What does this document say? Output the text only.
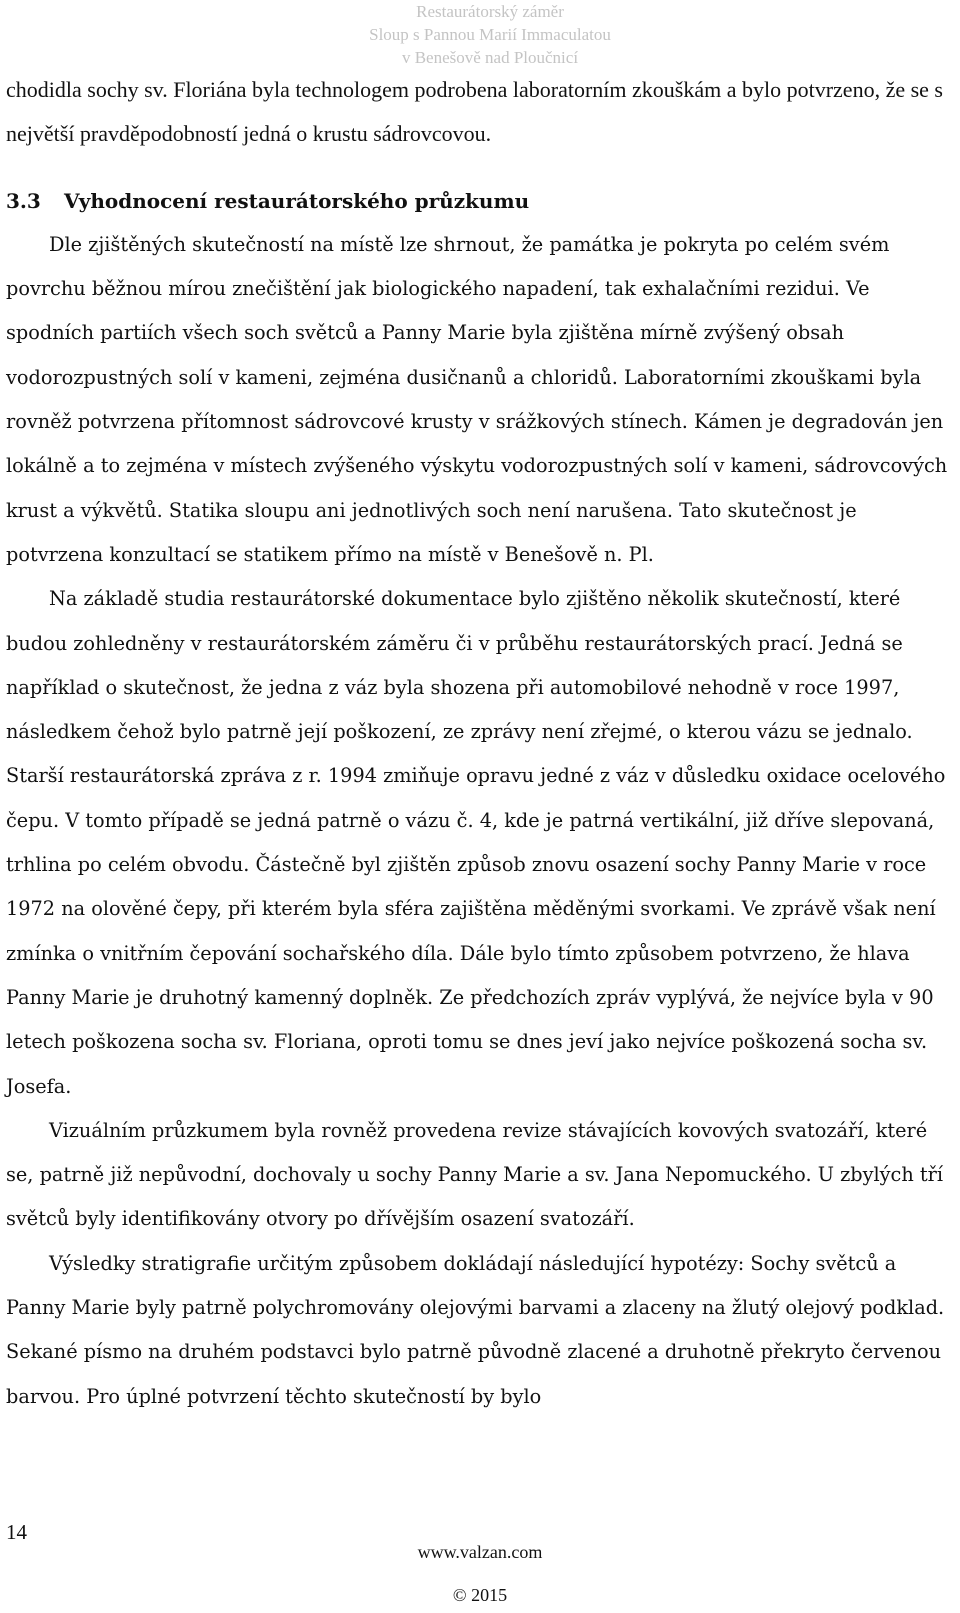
Restaurátorský záměr
Sloup s Pannou Marií Immaculatou
v Benešově nad Ploučnicí

chodidla sochy sv. Floriána byla technologem podrobena laboratorním zkouškám a bylo potvrzeno, že se s největší pravděpodobností jedná o krustu sádrovcovou.

3.3 Vyhodnocení restaurátorského průzkumu

Dle zjištěných skutečností na místě lze shrnout, že památka je pokryta po celém svém povrchu běžnou mírou znečištění jak biologického napadení, tak exhalačními rezidui. Ve spodních partiích všech soch světců a Panny Marie byla zjištěna mírně zvýšený obsah vodorozpustných solí v kameni, zejména dusičnanů a chloridů. Laboratorními zkouškami byla rovněž potvrzena přítomnost sádrovcové krusty v srážkových stínech. Kámen je degradován jen lokálně a to zejména v místech zvýšeného výskytu vodorozpustných solí v kameni, sádrovcových krust a výkvětů. Statika sloupu ani jednotlivých soch není narušena. Tato skutečnost je potvrzena konzultací se statikem přímo na místě v Benešově n. Pl.

Na základě studia restaurátorské dokumentace bylo zjištěno několik skutečností, které budou zohledněny v restaurátorském záměru či v průběhu restaurátorských prací. Jedná se například o skutečnost, že jedna z váz byla shozena při automobilové nehodně v roce 1997, následkem čehož bylo patrně její poškození, ze zprávy není zřejmé, o kterou vázu se jednalo. Starší restaurátorská zpráva z r. 1994 zmiňuje opravu jedné z váz v důsledku oxidace ocelového čepu. V tomto případě se jedná patrně o vázu č. 4, kde je patrná vertikální, již dříve slepovaná, trhlina po celém obvodu. Částečně byl zjištěn způsob znovu osazení sochy Panny Marie v roce 1972 na olověné čepy, při kterém byla sféra zajištěna měděnými svorkami. Ve zprávě však není zmínka o vnitřním čepování sochařského díla. Dále bylo tímto způsobem potvrzeno, že hlava Panny Marie je druhotný kamenný doplněk. Ze předchozích zpráv vyplývá, že nejvíce byla v 90 letech poškozena socha sv. Floriana, oproti tomu se dnes jeví jako nejvíce poškozená socha sv. Josefa.

Vizuálním průzkumem byla rovněž provedena revize stávajících kovových svatozáří, které se, patrně již nepůvodní, dochovaly u sochy Panny Marie a sv. Jana Nepomuckého. U zbylých tří světců byly identifikovány otvory po dřívějším osazení svatozáří.

Výsledky stratigrafie určitým způsobem dokládají následující hypotézy: Sochy světců a Panny Marie byly patrně polychromovány olejovými barvami a zlaceny na žlutý olejový podklad. Sekané písmo na druhém podstavci bylo patrně původně zlacené a druhotně překryto červenou barvou. Pro úplné potvrzení těchto skutečností by bylo

14
www.valzan.com
© 2015
